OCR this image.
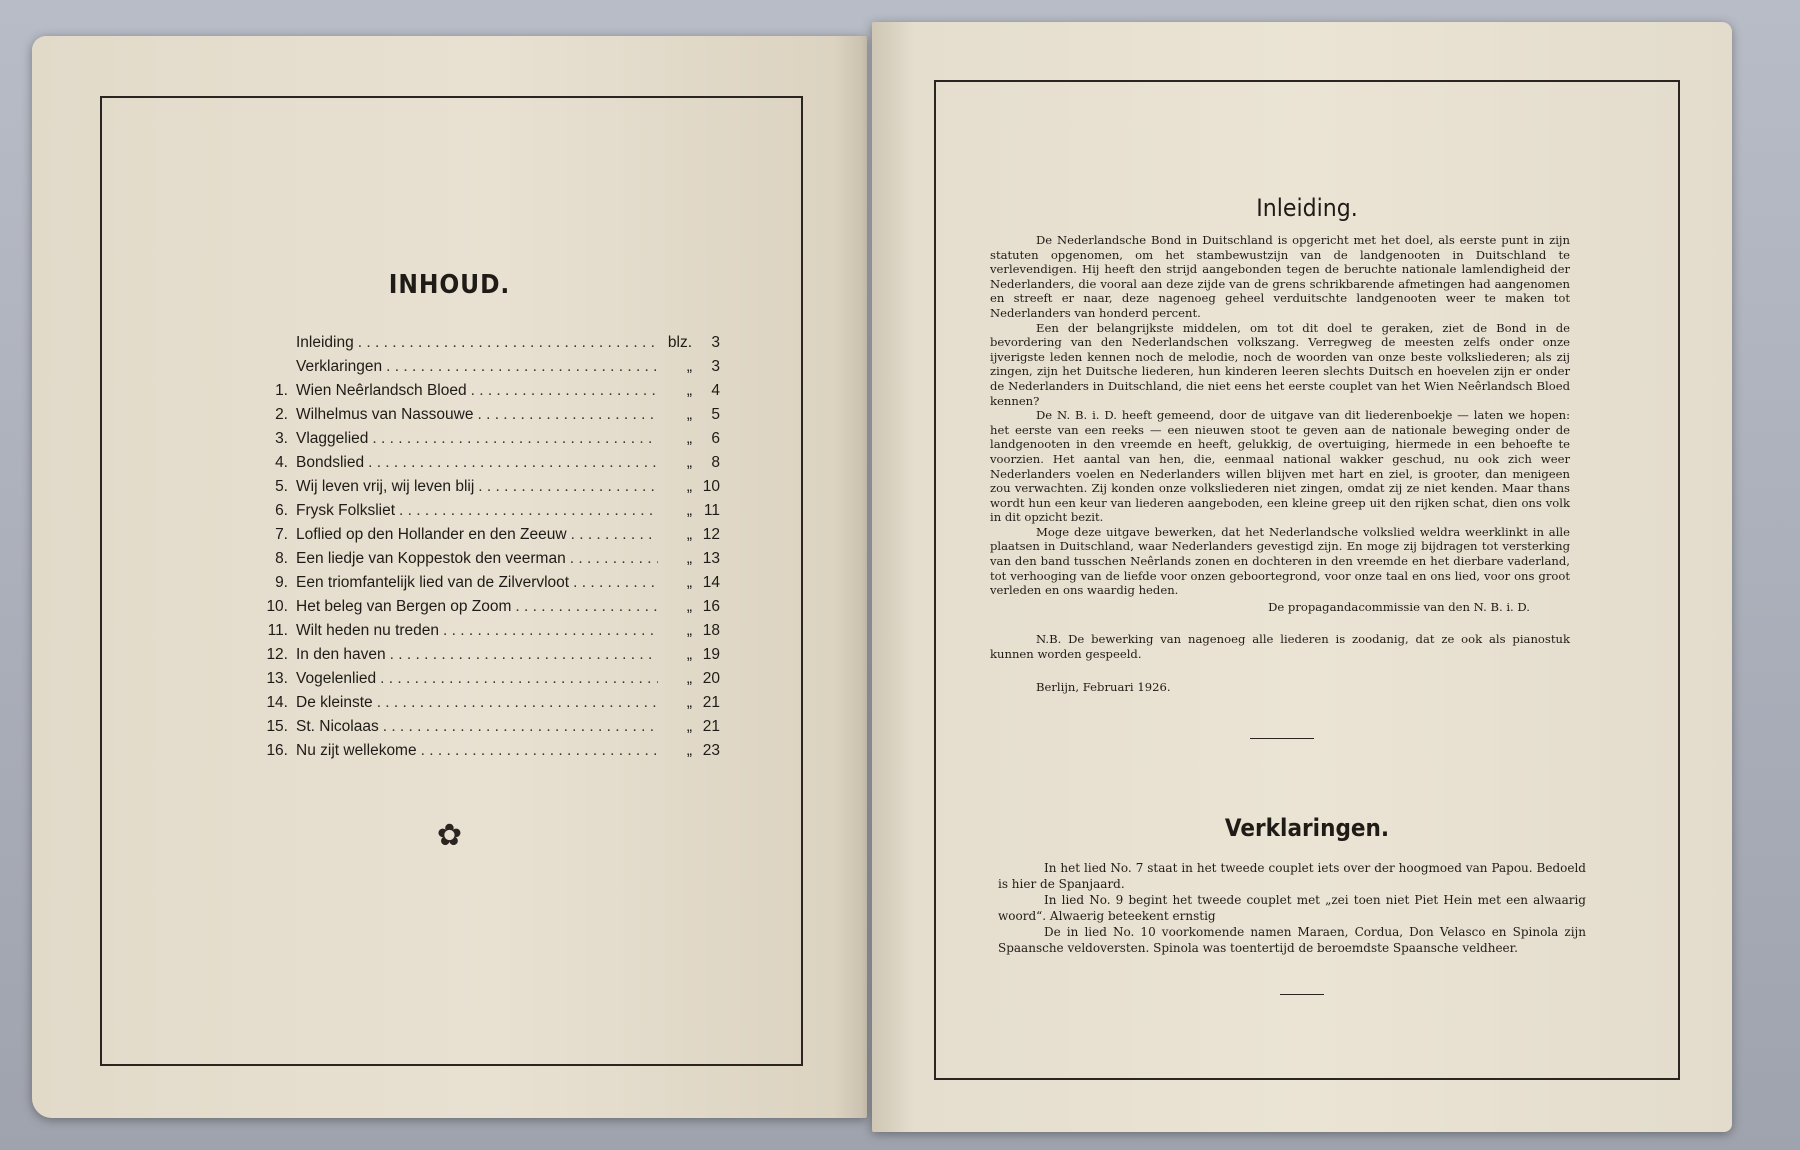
INHOUD.
Inleiding . . .	blz.	3
Verklaringen . . .	„	3
1. Wien Neêrlandsch Bloed . . .	„	4
2. Wilhelmus van Nassouwe . . .	„	5
3. Vlaggelied . . .	„	6
4. Bondslied . . .	„	8
5. Wij leven vrij, wij leven blij . . .	„ 10
6. Frysk Folksliet . . .	„ 11
7. Loflied op den Hollander en den Zeeuw . . .	„ 12
8. Een liedje van Koppestok den veerman . . .	„ 13
9. Een triomfantelijk lied van de Zilvervloot . . .	„ 14
10. Het beleg van Bergen op Zoom . . .	„ 16
11. Wilt heden nu treden . . .	„ 18
12. In den haven . . .	„ 19
13. Vogelenlied . . .	„ 20
14. De kleinste . . .	„ 21
15. St. Nicolaas . . .	„ 21
16. Nu zijt wellekome . . .	„ 23
✿
Inleiding.

De Nederlandsche Bond in Duitschland is opgericht met het doel, als eerste punt in zijn statuten opgenomen, om het stambewustzijn van de landgenooten in Duitschland te verlevendigen. Hij heeft den strijd aangebonden tegen de beruchte nationale lamlendigheid der Nederlanders, die vooral aan deze zijde van de grens schrikbarende afmetingen had aangenomen en streeft er naar, deze nagenoeg geheel verduitschte landgenooten weer te maken tot Nederlanders van honderd percent.

Een der belangrijkste middelen, om tot dit doel te geraken, ziet de Bond in de bevordering van den Nederlandschen volkszang. Verregweg de meesten zelfs onder onze ijverigste leden kennen noch de melodie, noch de woorden van onze beste volksliederen; als zij zingen, zijn het Duitsche liederen, hun kinderen leeren slechts Duitsch en hoevelen zijn er onder de Nederlanders in Duitschland, die niet eens het eerste couplet van het Wien Neêrlandsch Bloed kennen?

De N. B. i. D. heeft gemeend, door de uitgave van dit liederenboekje — laten we hopen: het eerste van een reeks — een nieuwen stoot te geven aan de nationale beweging onder de landgenooten in den vreemde en heeft, gelukkig, de overtuiging, hiermede in een behoefte te voorzien. Het aantal van hen, die, eenmaal national wakker geschud, nu ook zich weer Nederlanders voelen en Nederlanders willen blijven met hart en ziel, is grooter, dan menigeen zou verwachten. Zij konden onze volksliederen niet zingen, omdat zij ze niet kenden. Maar thans wordt hun een keur van liederen aangeboden, een kleine greep uit den rijken schat, dien ons volk in dit opzicht bezit.

Moge deze uitgave bewerken, dat het Nederlandsche volkslied weldra weerklinkt in alle plaatsen in Duitschland, waar Nederlanders gevestigd zijn. En moge zij bijdragen tot versterking van den band tusschen Neêrlands zonen en dochteren in den vreemde en het dierbare vaderland, tot verhooging van de liefde voor onzen geboortegrond, voor onze taal en ons lied, voor ons groot verleden en ons waardig heden.

De propagandacommissie van den N. B. i. D.

N.B. De bewerking van nagenoeg alle liederen is zoodanig, dat ze ook als pianostuk kunnen worden gespeeld.

Berlijn, Februari 1926.

Verklaringen.

In het lied No. 7 staat in het tweede couplet iets over der hoogmoed van Papou. Bedoeld is hier de Spanjaard.

In lied No. 9 begint het tweede couplet met „zei toen niet Piet Hein met een alwaarig woord“. Alwaerig beteekent ernstig

De in lied No. 10 voorkomende namen Maraen, Cordua, Don Velasco en Spinola zijn Spaansche veldoversten. Spinola was toentertijd de beroemdste Spaansche veldheer.
